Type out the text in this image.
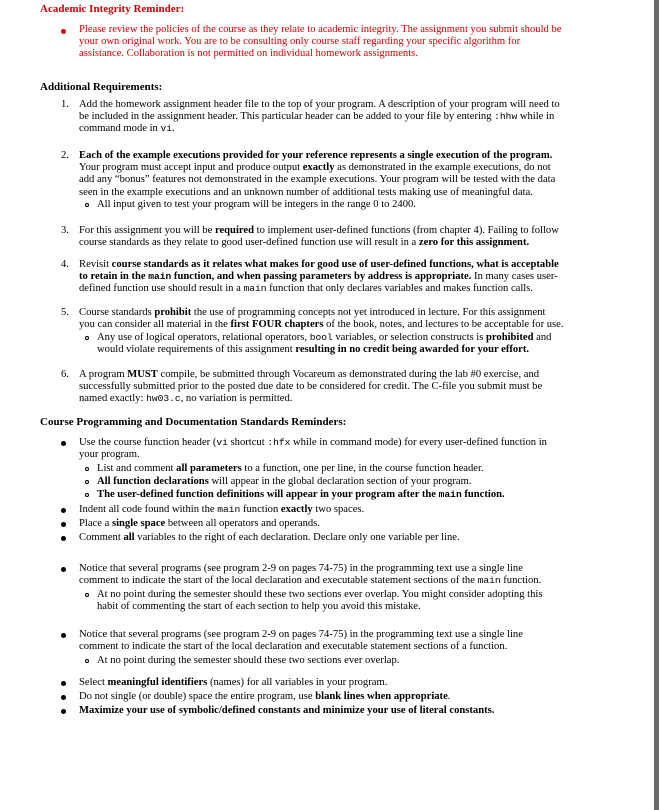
Academic Integrity Reminder:

Please review the policies of the course as they relate to academic integrity. The assignment you submit should be

your own original work. You are to be consulting only course staff regarding your specific algorithm for

assistance. Collaboration is not permitted on individual homework assignments.

Additional Requirements:
1. Add the homework assignment header file to the top of your program. A description of your program will need to
be included in the assignment header. This particular header can be added to your file by entering :hhw while in
command mode in vi.
2. Each of the example executions provided for your reference represents a single execution of the program.
Your program must accept input and produce output exactly as demonstrated in the example executions, do not
add any “bonus” features not demonstrated in the example executions. Your program will be tested with the data
seen in the example executions and an unknown number of additional tests making use of meaningful data.
All input given to test your program will be integers in the range 0 to 2400.
3. For this assignment you will be required to implement user-defined functions (from chapter 4). Failing to follow
course standards as they relate to good user-defined function use will result in a zero for this assignment.
4. Revisit course standards as it relates what makes for good use of user-defined functions, what is acceptable
to retain in the main function, and when passing parameters by address is appropriate. In many cases user-
defined function use should result in a main function that only declares variables and makes function calls.
5. Course standards prohibit the use of programming concepts not yet introduced in lecture. For this assignment
you can consider all material in the first FOUR chapters of the book, notes, and lectures to be acceptable for use.
Any use of logical operators, relational operators, bool variables, or selection constructs is prohibited and
would violate requirements of this assignment resulting in no credit being awarded for your effort.
6. A program MUST compile, be submitted through Vocareum as demonstrated during the lab #0 exercise, and
successfully submitted prior to the posted due date to be considered for credit. The C-file you submit must be
named exactly: hw03.c, no variation is permitted.
Course Programming and Documentation Standards Reminders:
Use the course function header (vi shortcut :hfx while in command mode) for every user-defined function in
your program.
List and comment all parameters to a function, one per line, in the course function header.
All function declarations will appear in the global declaration section of your program.
The user-defined function definitions will appear in your program after the main function.
Indent all code found within the main function exactly two spaces.
Place a single space between all operators and operands.
Comment all variables to the right of each declaration. Declare only one variable per line.
Notice that several programs (see program 2-9 on pages 74-75) in the programming text use a single line
comment to indicate the start of the local declaration and executable statement sections of the main function.
At no point during the semester should these two sections ever overlap. You might consider adopting this
habit of commenting the start of each section to help you avoid this mistake.
Notice that several programs (see program 2-9 on pages 74-75) in the programming text use a single line
comment to indicate the start of the local declaration and executable statement sections of a function.
At no point during the semester should these two sections ever overlap.
Select meaningful identifiers (names) for all variables in your program.
Do not single (or double) space the entire program, use blank lines when appropriate.
Maximize your use of symbolic/defined constants and minimize your use of literal constants.
